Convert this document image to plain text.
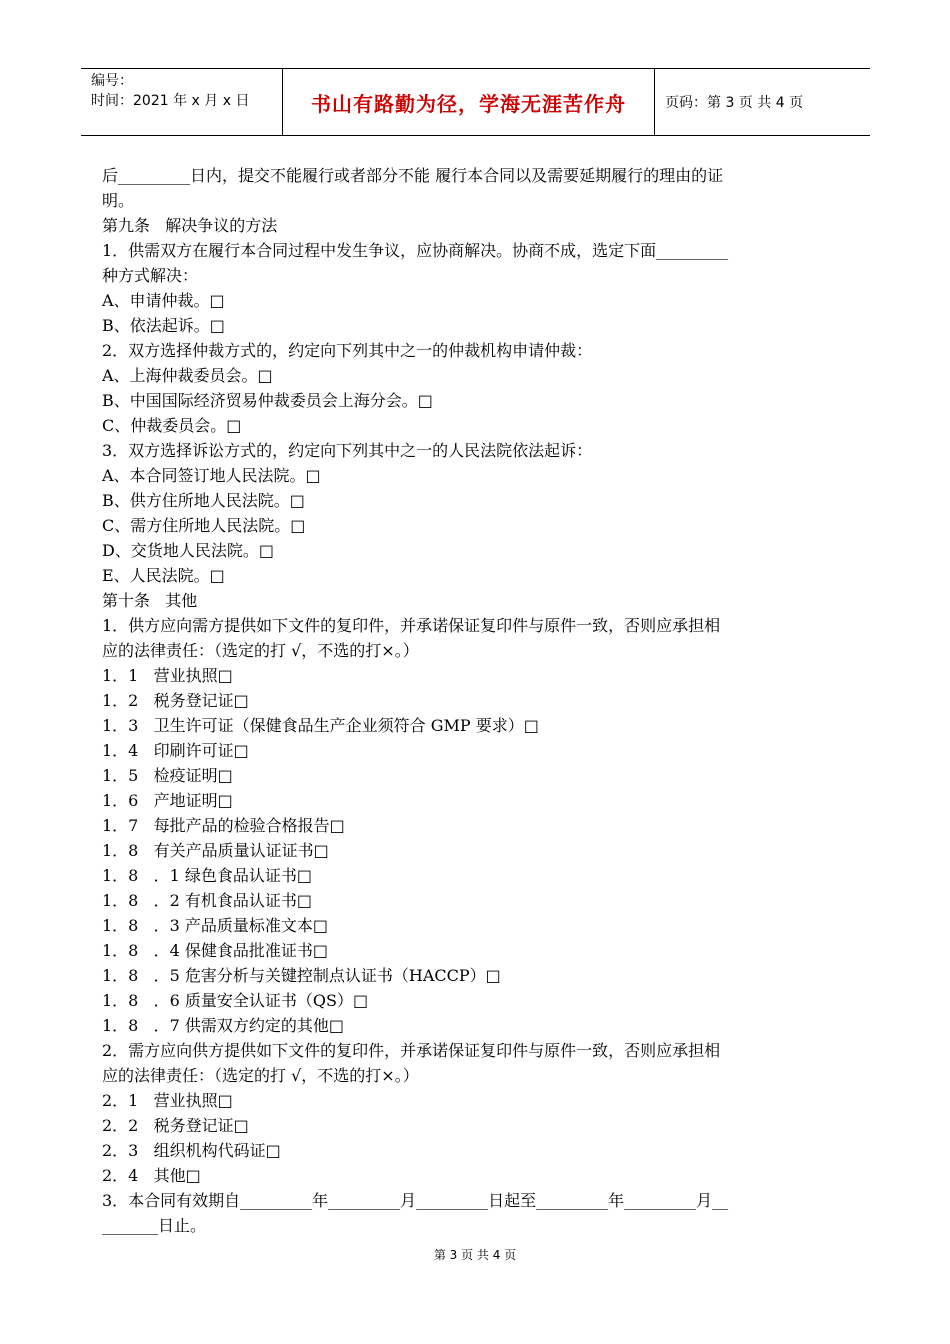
编号：
时间：2021 年 x 月 x 日	书山有路勤为径，学海无涯苦作舟	页码：第 3 页 共 4 页
后_________日内，提交不能履行或者部分不能 履行本合同以及需要延期履行的理由的证
明。
第九条   解决争议的方法
1．供需双方在履行本合同过程中发生争议，应协商解决。协商不成，选定下面_________
种方式解决：
A、申请仲裁。□
B、依法起诉。□
2．双方选择仲裁方式的，约定向下列其中之一的仲裁机构申请仲裁：
A、上海仲裁委员会。□
B、中国国际经济贸易仲裁委员会上海分会。□
C、仲裁委员会。□
3．双方选择诉讼方式的，约定向下列其中之一的人民法院依法起诉：
A、本合同签订地人民法院。□
B、供方住所地人民法院。□
C、需方住所地人民法院。□
D、交货地人民法院。□
E、人民法院。□
第十条   其他
1．供方应向需方提供如下文件的复印件，并承诺保证复印件与原件一致，否则应承担相
应的法律责任：（选定的打 √，不选的打×。）
1．1   营业执照□
1．2   税务登记证□
1．3   卫生许可证（保健食品生产企业须符合 GMP 要求）□
1．4   印刷许可证□
1．5   检疫证明□
1．6   产地证明□
1．7   每批产品的检验合格报告□
1．8   有关产品质量认证证书□
1．8   ．1 绿色食品认证书□
1．8   ．2 有机食品认证书□
1．8   ．3 产品质量标准文本□
1．8   ．4 保健食品批准证书□
1．8   ．5 危害分析与关键控制点认证书（HACCP）□
1．8   ．6 质量安全认证书（QS）□
1．8   ．7 供需双方约定的其他□
2．需方应向供方提供如下文件的复印件，并承诺保证复印件与原件一致，否则应承担相
应的法律责任：（选定的打 √，不选的打×。）
2．1   营业执照□
2．2   税务登记证□
2．3   组织机构代码证□
2．4   其他□
3．本合同有效期自_________年_________月_________日起至_________年_________月__
_______日止。
第 3 页 共 4 页
